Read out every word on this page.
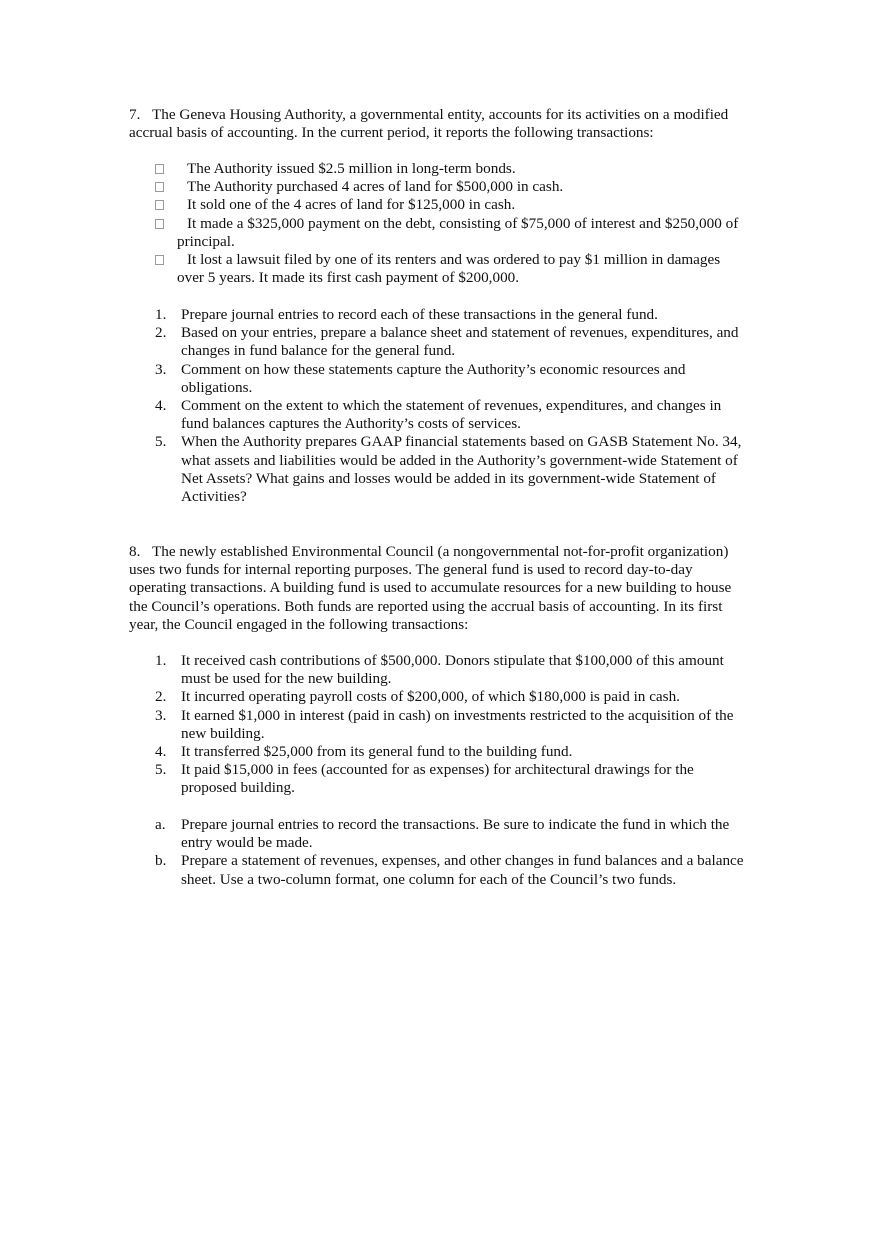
7. The Geneva Housing Authority, a governmental entity, accounts for its activities on a modified accrual basis of accounting. In the current period, it reports the following transactions:
The Authority issued $2.5 million in long-term bonds.
The Authority purchased 4 acres of land for $500,000 in cash.
It sold one of the 4 acres of land for $125,000 in cash.
It made a $325,000 payment on the debt, consisting of $75,000 of interest and $250,000 of principal.
It lost a lawsuit filed by one of its renters and was ordered to pay $1 million in damages over 5 years. It made its first cash payment of $200,000.
1. Prepare journal entries to record each of these transactions in the general fund.
2. Based on your entries, prepare a balance sheet and statement of revenues, expenditures, and changes in fund balance for the general fund.
3. Comment on how these statements capture the Authority’s economic resources and obligations.
4. Comment on the extent to which the statement of revenues, expenditures, and changes in fund balances captures the Authority’s costs of services.
5. When the Authority prepares GAAP financial statements based on GASB Statement No. 34, what assets and liabilities would be added in the Authority’s government-wide Statement of Net Assets? What gains and losses would be added in its government-wide Statement of Activities?
8. The newly established Environmental Council (a nongovernmental not-for-profit organization) uses two funds for internal reporting purposes. The general fund is used to record day-to-day operating transactions. A building fund is used to accumulate resources for a new building to house the Council’s operations. Both funds are reported using the accrual basis of accounting. In its first year, the Council engaged in the following transactions:
1. It received cash contributions of $500,000. Donors stipulate that $100,000 of this amount must be used for the new building.
2. It incurred operating payroll costs of $200,000, of which $180,000 is paid in cash.
3. It earned $1,000 in interest (paid in cash) on investments restricted to the acquisition of the new building.
4. It transferred $25,000 from its general fund to the building fund.
5. It paid $15,000 in fees (accounted for as expenses) for architectural drawings for the proposed building.
a. Prepare journal entries to record the transactions. Be sure to indicate the fund in which the entry would be made.
b. Prepare a statement of revenues, expenses, and other changes in fund balances and a balance sheet. Use a two-column format, one column for each of the Council’s two funds.
